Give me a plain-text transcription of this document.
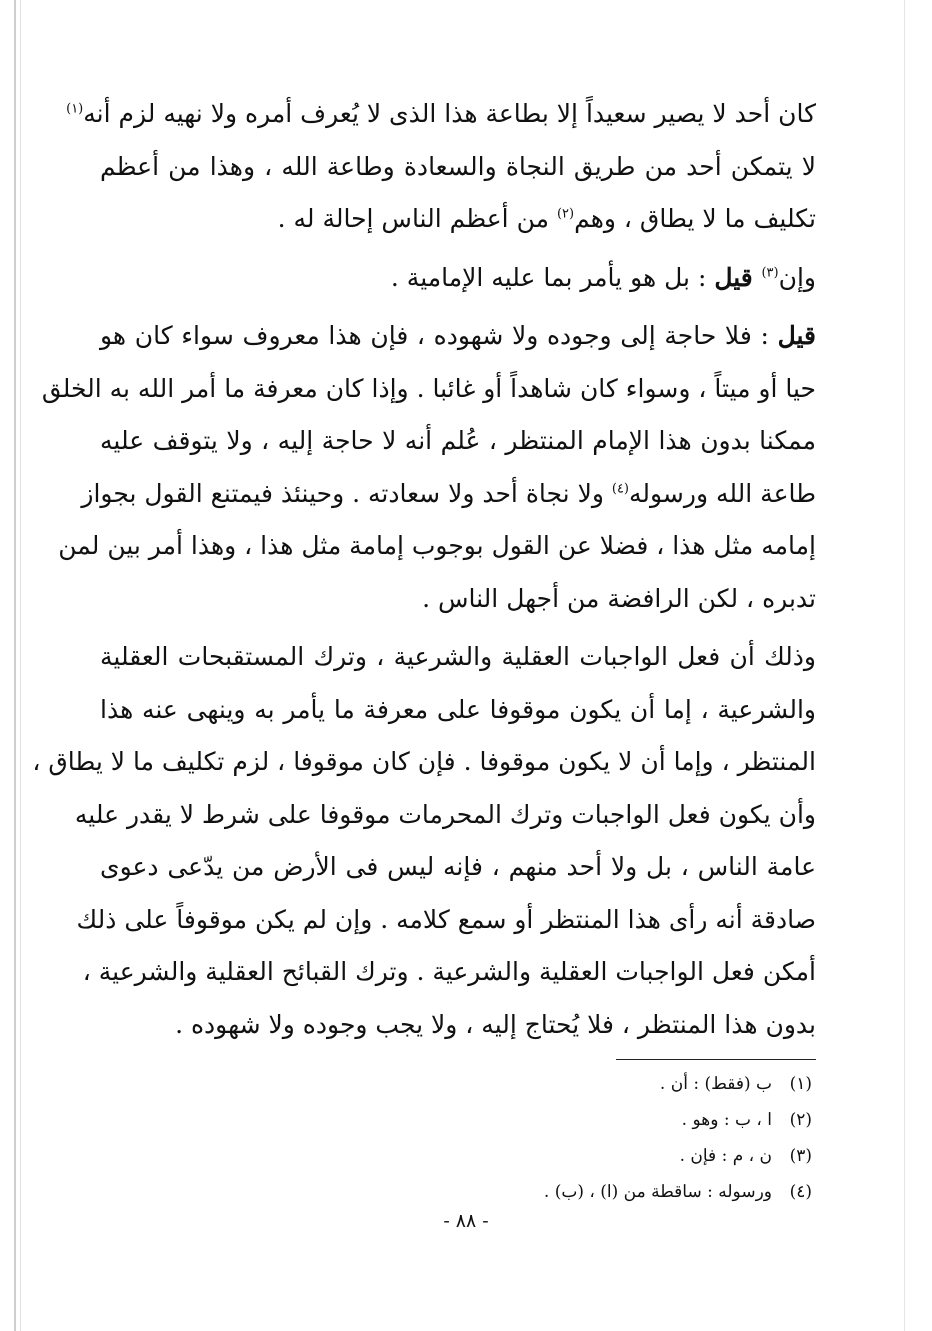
كان أحد لا يصير سعيداً إلا بطاعة هذا الذى لا يُعرف أمره ولا نهيه لزم أنه$^{(١)}$

لا يتمكن أحد من طريق النجاة والسعادة وطاعة الله ، وهذا من أعظم

تكليف ما لا يطاق ، وهم$^{(٢)}$ من أعظم الناس إحالة له .

وإن$^{(٣)}$ قيل : بل هو يأمر بما عليه الإمامية .

قيل : فلا حاجة إلى وجوده ولا شهوده ، فإن هذا معروف سواء كان هو

حيا أو ميتاً ، وسواء كان شاهداً أو غائبا . وإذا كان معرفة ما أمر الله به الخلق

ممكنا بدون هذا الإمام المنتظر ، عُلم أنه لا حاجة إليه ، ولا يتوقف عليه

طاعة الله ورسوله$^{(٤)}$ ولا نجاة أحد ولا سعادته . وحينئذ فيمتنع القول بجواز

إمامه مثل هذا ، فضلا عن القول بوجوب إمامة مثل هذا ، وهذا أمر بين لمن

تدبره ، لكن الرافضة من أجهل الناس .

وذلك أن فعل الواجبات العقلية والشرعية ، وترك المستقبحات العقلية

والشرعية ، إما أن يكون موقوفا على معرفة ما يأمر به وينهى عنه هذا

المنتظر ، وإما أن لا يكون موقوفا . فإن كان موقوفا ، لزم تكليف ما لا يطاق ،

وأن يكون فعل الواجبات وترك المحرمات موقوفا على شرط لا يقدر عليه

عامة الناس ، بل ولا أحد منهم ، فإنه ليس فى الأرض من يدّعى دعوى

صادقة أنه رأى هذا المنتظر أو سمع كلامه . وإن لم يكن موقوفاً على ذلك

أمكن فعل الواجبات العقلية والشرعية . وترك القبائح العقلية والشرعية ،

بدون هذا المنتظر ، فلا يُحتاج إليه ، ولا يجب وجوده ولا شهوده .

(١)ب (فقط) : أن .

(٢)ا ، ب : وهو .

(٣)ن ، م : فإن .

(٤)ورسوله : ساقطة من (ا) ، (ب) .

- ٨٨ -
